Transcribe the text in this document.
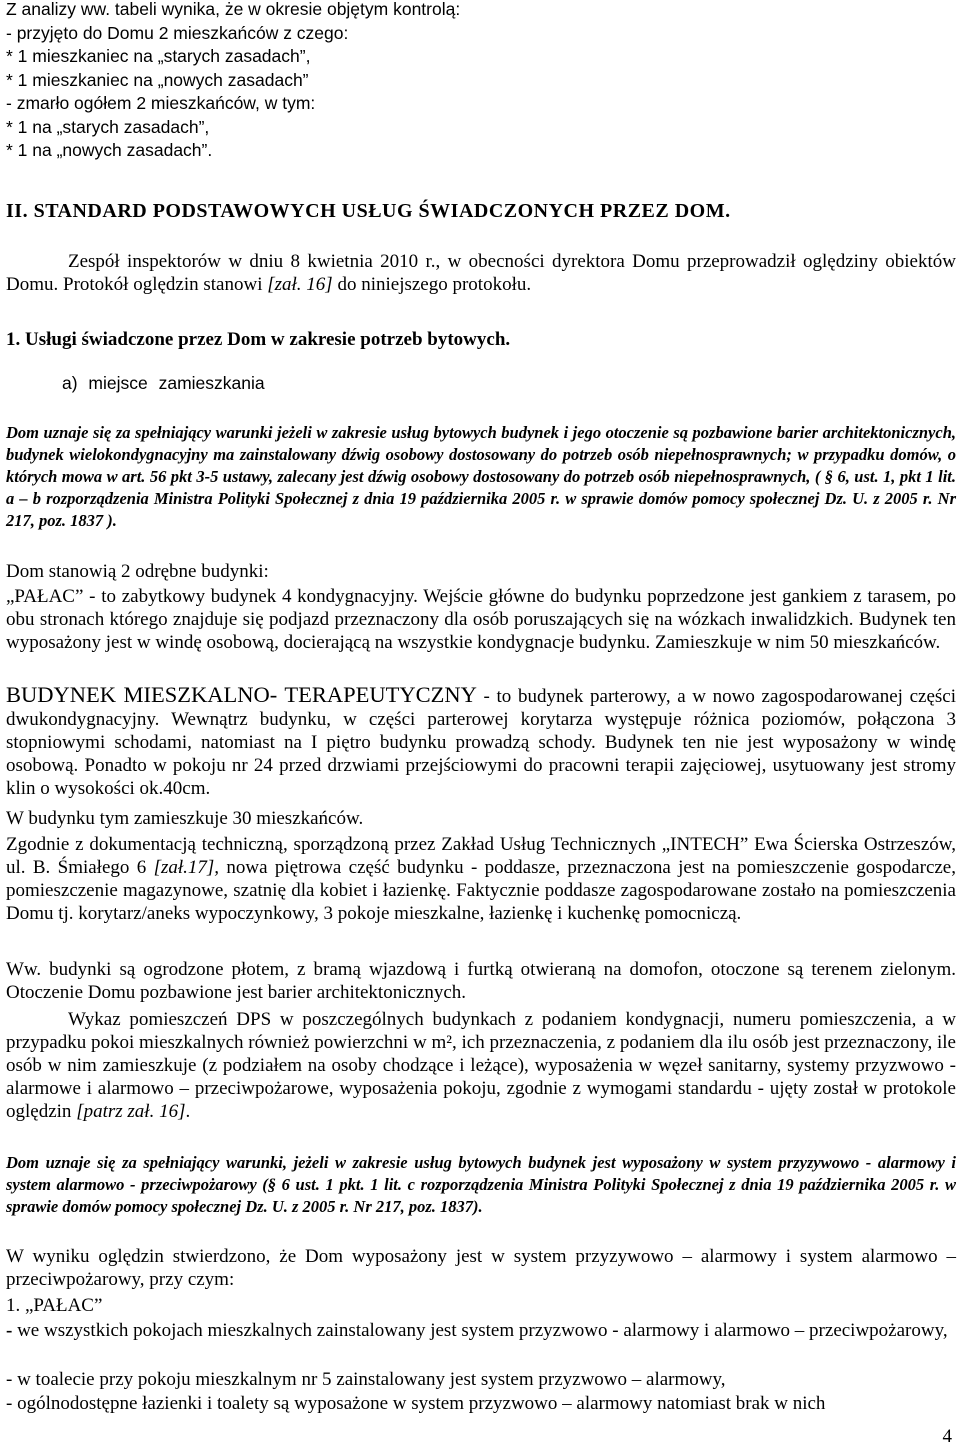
Z analizy ww. tabeli wynika, że w okresie objętym kontrolą:
- przyjęto do Domu 2 mieszkańców z czego:
* 1 mieszkaniec na „starych zasadach”,
* 1 mieszkaniec na „nowych zasadach”
- zmarło ogółem 2 mieszkańców, w tym:
* 1 na „starych zasadach”,
* 1 na „nowych zasadach”.
II. STANDARD PODSTAWOWYCH USŁUG ŚWIADCZONYCH PRZEZ DOM.
Zespół inspektorów w dniu 8 kwietnia 2010 r., w obecności dyrektora Domu przeprowadził oględziny obiektów Domu. Protokół oględzin stanowi [zał. 16] do niniejszego protokołu.
1. Usługi świadczone przez Dom w zakresie potrzeb bytowych.
a) miejsce zamieszkania
Dom uznaje się za spełniający warunki jeżeli w zakresie usług bytowych budynek i jego otoczenie są pozbawione barier architektonicznych, budynek wielokondygnacyjny ma zainstalowany dźwig osobowy dostosowany do potrzeb osób niepełnosprawnych; w przypadku domów, o których mowa w art. 56 pkt 3-5 ustawy, zalecany jest dźwig osobowy dostosowany do potrzeb osób niepełnosprawnych, ( § 6, ust. 1, pkt 1 lit. a – b rozporządzenia Ministra Polityki Społecznej z dnia 19 października 2005 r. w sprawie domów pomocy społecznej Dz. U. z 2005 r. Nr 217, poz. 1837 ).
Dom stanowią 2 odrębne budynki:
„PAŁAC” - to zabytkowy budynek 4 kondygnacyjny. Wejście główne do budynku poprzedzone jest gankiem z tarasem, po obu stronach którego znajduje się podjazd przeznaczony dla osób poruszających się na wózkach inwalidzkich. Budynek ten wyposażony jest w windę osobową, docierającą na wszystkie kondygnacje budynku. Zamieszkuje w nim 50 mieszkańców.
BUDYNEK MIESZKALNO- TERAPEUTYCZNY - to budynek parterowy, a w nowo zagospodarowanej części dwukondygnacyjny. Wewnątrz budynku, w części parterowej korytarza występuje różnica poziomów, połączona 3 stopniowymi schodami, natomiast na I piętro budynku prowadzą schody. Budynek ten nie jest wyposażony w windę osobową. Ponadto w pokoju nr 24 przed drzwiami przejściowymi do pracowni terapii zajęciowej, usytuowany jest stromy klin o wysokości ok.40cm.
W budynku tym zamieszkuje 30 mieszkańców.
Zgodnie z dokumentacją techniczną, sporządzoną przez Zakład Usług Technicznych „INTECH” Ewa Ścierska Ostrzeszów, ul. B. Śmiałego 6 [zał.17], nowa piętrowa część budynku - poddasze, przeznaczona jest na pomieszczenie gospodarcze, pomieszczenie magazynowe, szatnię dla kobiet i łazienkę. Faktycznie poddasze zagospodarowane zostało na pomieszczenia Domu tj. korytarz/aneks wypoczynkowy, 3 pokoje mieszkalne, łazienkę i kuchenkę pomocniczą.
Ww. budynki są ogrodzone płotem, z bramą wjazdową i furtką otwieraną na domofon, otoczone są terenem zielonym. Otoczenie Domu pozbawione jest barier architektonicznych.
Wykaz pomieszczeń DPS w poszczególnych budynkach z podaniem kondygnacji, numeru pomieszczenia, a w przypadku pokoi mieszkalnych również powierzchni w m², ich przeznaczenia, z podaniem dla ilu osób jest przeznaczony, ile osób w nim zamieszkuje (z podziałem na osoby chodzące i leżące), wyposażenia w węzeł sanitarny, systemy przyzwowo - alarmowe i alarmowo – przeciwpożarowe, wyposażenia pokoju, zgodnie z wymogami standardu - ujęty został w protokole oględzin [patrz zał. 16].
Dom uznaje się za spełniający warunki, jeżeli w zakresie usług bytowych budynek jest wyposażony w system przyzywowo - alarmowy i system alarmowo - przeciwpożarowy (§ 6 ust. 1 pkt. 1 lit. c rozporządzenia Ministra Polityki Społecznej z dnia 19 października 2005 r. w sprawie domów pomocy społecznej Dz. U. z 2005 r. Nr 217, poz. 1837).
W wyniku oględzin stwierdzono, że Dom wyposażony jest w system przyzywowo – alarmowy i system alarmowo – przeciwpożarowy, przy czym:
1. „PAŁAC”
- we wszystkich pokojach mieszkalnych zainstalowany jest system przyzwowo - alarmowy i alarmowo – przeciwpożarowy,
- w toalecie przy pokoju mieszkalnym nr 5 zainstalowany jest system przyzwowo – alarmowy,
- ogólnodostępne łazienki i toalety są wyposażone w system przyzwowo – alarmowy natomiast brak w nich
4
